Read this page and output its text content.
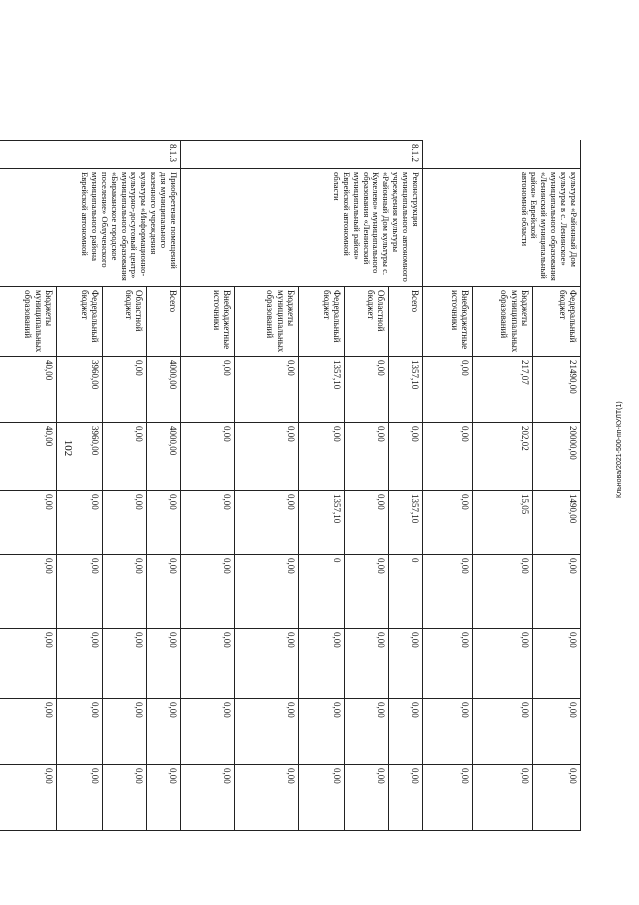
102	Кльнова/2021-500-пп-КУЛТ(1)
	культуры «Районный Дом культуры в с. Ленинское» муниципального образования «Ленинский муниципальный район» Еврейской автономной области	Федеральный бюджет	21490,00	20000,00	1490,00	0,00	0,00	0,00	0,00
		Бюджеты муниципальных образований	217,07	202,02	15,05	0,00	0,00	0,00	0,00
		Внебюджетные источники	0,00	0,00	0,00	0,00	0,00	0,00	0,00
8.1.2	Реконструкция муниципального автономного учреждения культуры «Районный Дом культуры с. Кукелево» муниципального образования «Ленинский муниципальный район» Еврейской автономной области	Всего	1357,10	0,00	1357,10	0	0,00	0,00	0,00
		Областной бюджет	0,00	0,00	0,00	0,00	0,00	0,00	0,00
		Федеральный бюджет	1357,10	0,00	1357,10	0	0,00	0,00	0,00
		Бюджеты муниципальных образований	0,00	0,00	0,00	0,00	0,00	0,00	0,00
		Внебюджетные источники	0,00	0,00	0,00	0,00	0,00	0,00	0,00
8.1.3	Приобретение помещений для муниципального казенного учреждения культуры «Информационно-культурно-досуговый центр» муниципального образования «Бираканское городское поселение» Облученского муниципального района Еврейской автономной	Всего	4000,00	4000,00	0,00	0,00	0,00	0,00	0,00
		Областной бюджет	0,00	0,00	0,00	0,00	0,00	0,00	0,00
		Федеральный бюджет	3960,00	3960,00	0,00	0,00	0,00	0,00	0,00
		Бюджеты муниципальных образований	40,00	40,00	0,00	0,00	0,00	0,00	0,00
